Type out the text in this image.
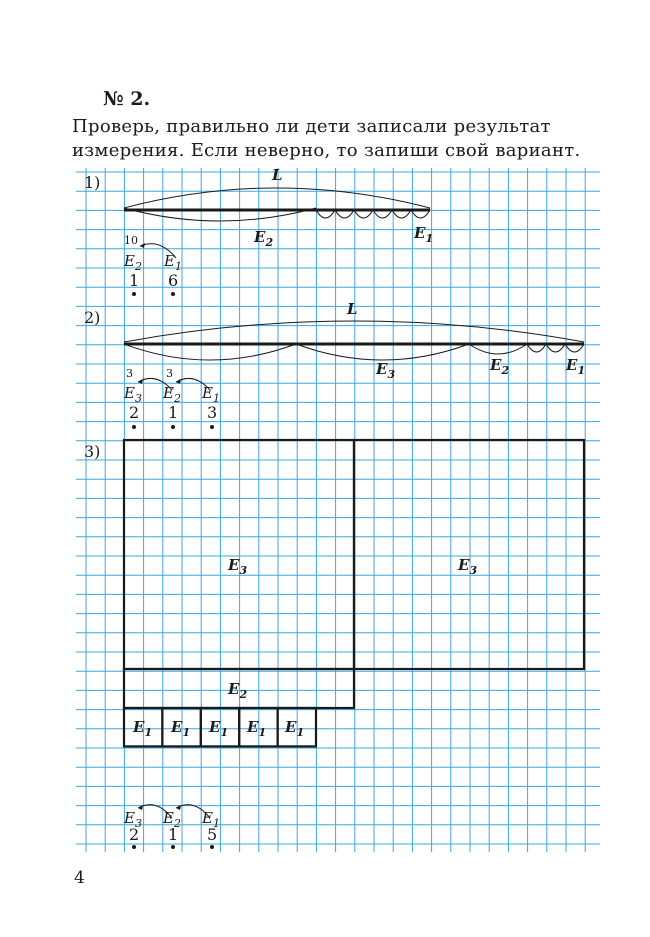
№ 2.
Проверь, правильно ли дети записали результат
измерения. Если неверно, то запиши свой вариант.
1)	L
$E_2$
$E_1$
10
$E_2$ $E_1$
1 6
2)	L
$E_3$
$E_2$	$E_1$
3	3
$E_3$ $E_2$ $E_1$
2 1 3
3)
$E_3$	$E_3$
$E_2$
$E_1$ $E_1$ $E_1$ $E_1$ $E_1$
$E_3$ $E_2$ $E_1$
2 1 5
4
